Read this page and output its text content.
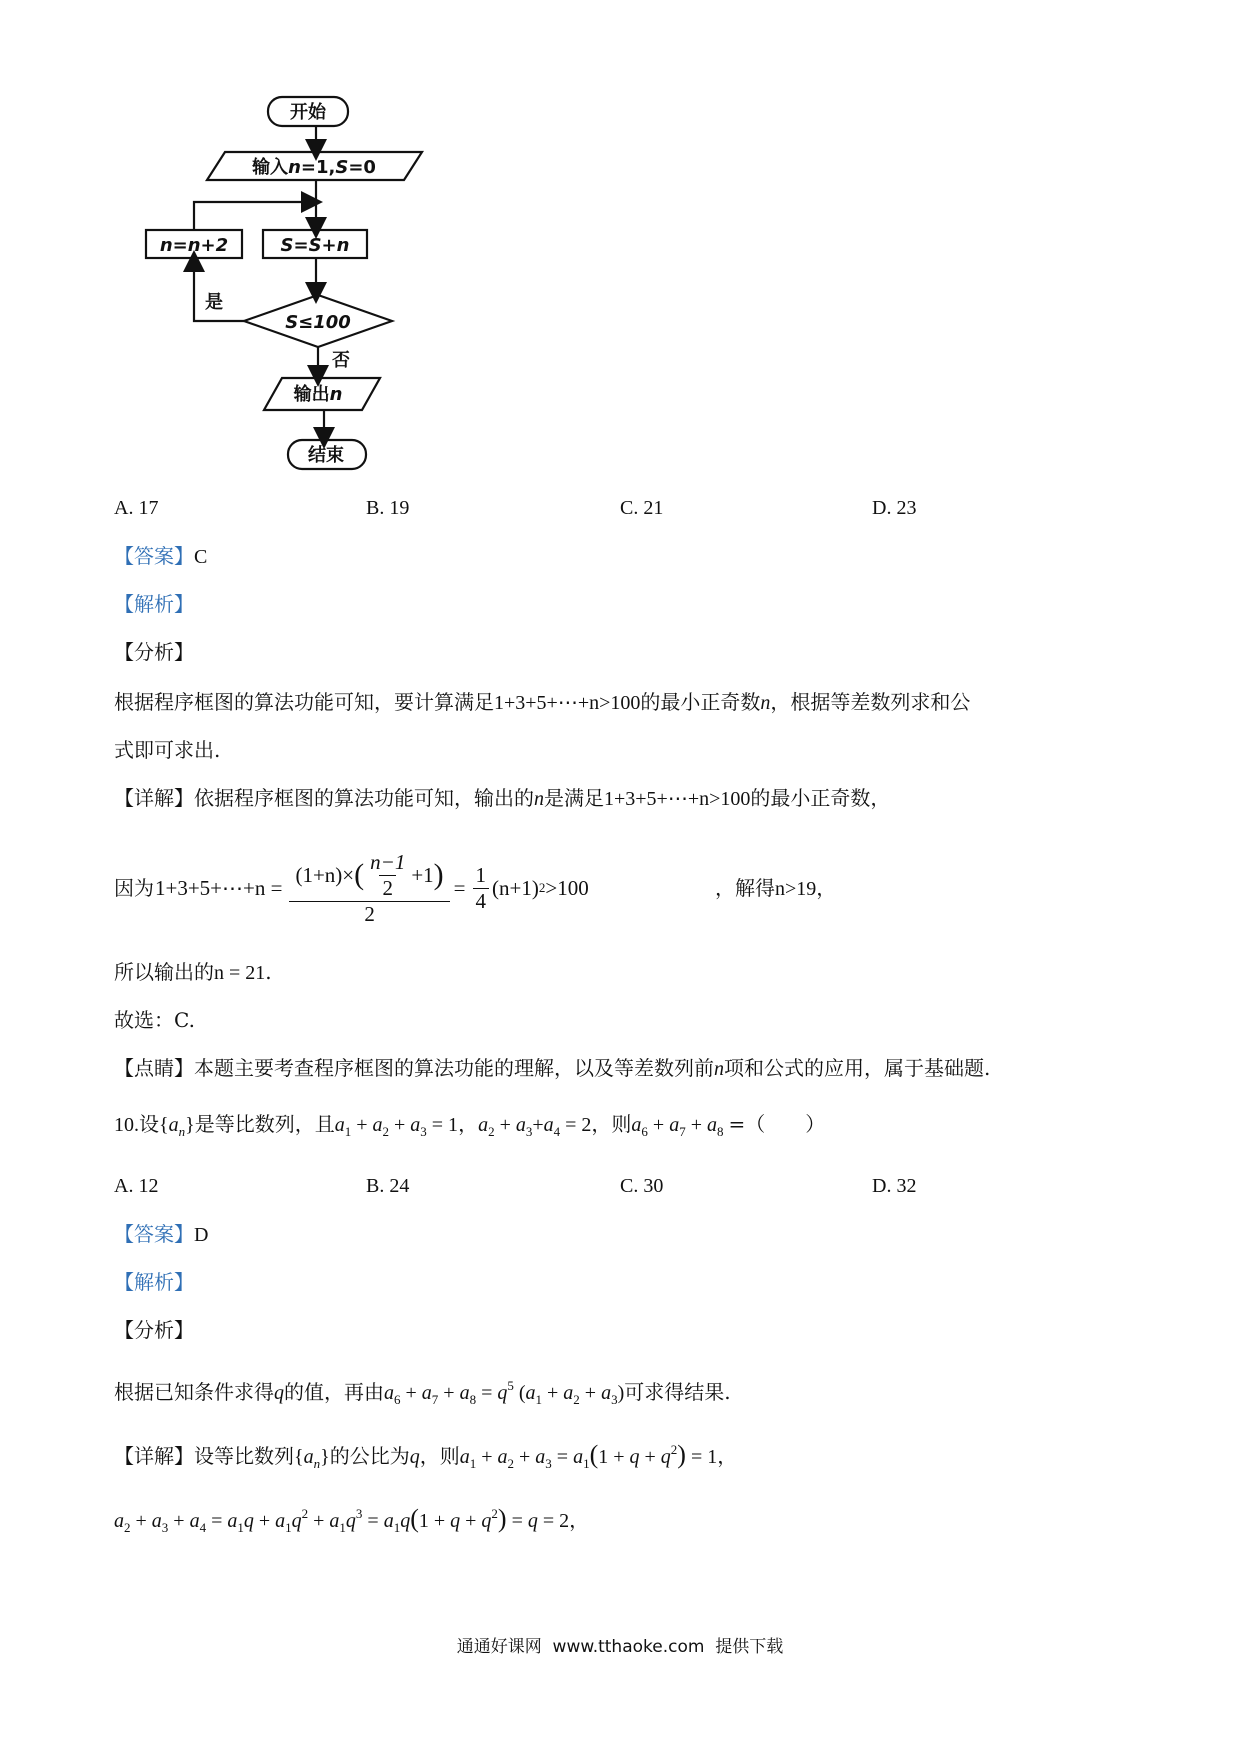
开始
输入n=1,S=0
S=S+n
n=n+2
S≤100
是
否
输出n
结束
A. 17	B. 19	C. 21	D. 23
【答案】C
【解析】
【分析】
根据程序框图的算法功能可知，要计算满足1+3+5+⋯+n>100的最小正奇数n，根据等差数列求和公
式即可求出.
【详解】依据程序框图的算法功能可知，输出的n是满足1+3+5+⋯+n>100的最小正奇数，
因为 1+3+5+⋯+n =
(1+n)× ( $\frac{n-1}{2} +1$ )
2
= $\frac{1}{4} (n+1)$ 2 >100	，解得n>19，
所以输出的n = 21.
故选：C.
【点睛】本题主要考查程序框图的算法功能的理解，以及等差数列前n项和公式的应用，属于基础题.
10.设$\{a_n\}$是等比数列，且$a_1 + a_2 + a_3 = 1$，$a_2 + a_3+a_4 = 2$，则$a_6 + a_7 + a_8$ =（　　）
A. 12	B. 24	C. 30	D. 32
【答案】D
【解析】
【分析】
根据已知条件求得q的值，再由$a_6 + a_7 + a_8 = q^5$ $(a_1 + a_2 + a_3)$可求得结果.
【详解】设等比数列$\{a_n\}$的公比为q，则$a_1 + a_2 + a_3 = a_1(1 + q + q^2) = 1$，
$a_2 + a_3 + a_4 = a_1q + a_1q^2 + a_1q^3 = a_1q(1 + q + q^2) = q = 2$，
通通好课网 www.tthaoke.com 提供下载
